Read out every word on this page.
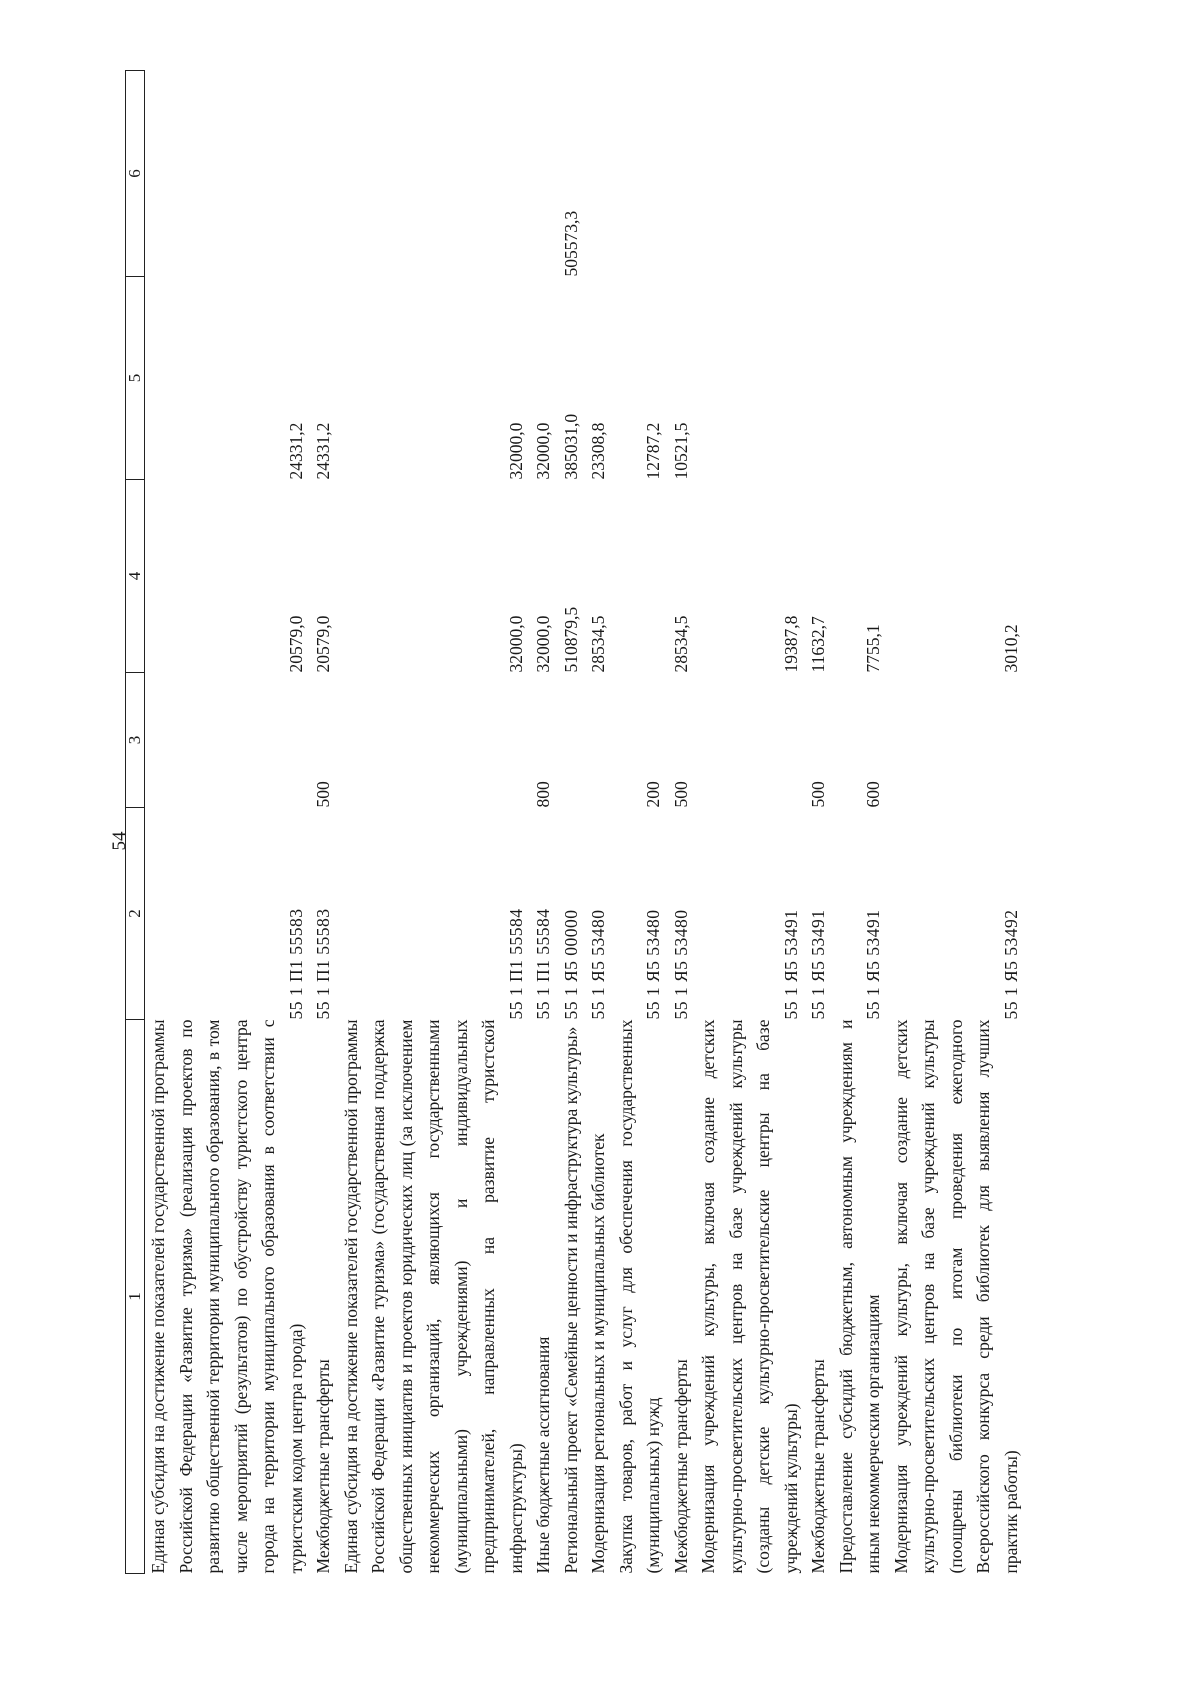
54
1	2	3	4	5	6
Единая субсидия на достижение показателей государственной программы Российской Федерации «Развитие туризма» (реализация проектов по развитию общественной территории муниципального образования, в том числе мероприятий (результатов) по обустройству туристского центра города на территории муниципального образования в соответствии с туристским кодом центра города)	55 1 П1 55583		20579,0	24331,2	
Межбюджетные трансферты	55 1 П1 55583	500	20579,0	24331,2	
Единая субсидия на достижение показателей государственной программы Российской Федерации «Развитие туризма» (государственная поддержка общественных инициатив и проектов юридических лиц (за исключением некоммерческих организаций, являющихся государственными (муниципальными) учреждениями) и индивидуальных предпринимателей, направленных на развитие туристской инфраструктуры)	55 1 П1 55584		32000,0	32000,0	
Иные бюджетные ассигнования	55 1 П1 55584	800	32000,0	32000,0	
Региональный проект «Семейные ценности и инфраструктура культуры»	55 1 Я5 00000		510879,5	385031,0	505573,3
Модернизация региональных и муниципальных библиотек	55 1 Я5 53480		28534,5	23308,8	
Закупка товаров, работ и услуг для обеспечения государственных (муниципальных) нужд	55 1 Я5 53480	200		12787,2	
Межбюджетные трансферты	55 1 Я5 53480	500	28534,5	10521,5	
Модернизация учреждений культуры, включая создание детских культурно-просветительских центров на базе учреждений культуры (созданы детские культурно-просветительские центры на базе учреждений культуры)	55 1 Я5 53491		19387,8		
Межбюджетные трансферты	55 1 Я5 53491	500	11632,7		
Предоставление субсидий бюджетным, автономным учреждениям и иным некоммерческим организациям	55 1 Я5 53491	600	7755,1		
Модернизация учреждений культуры, включая создание детских культурно-просветительских центров на базе учреждений культуры (поощрены библиотеки по итогам проведения ежегодного Всероссийского конкурса среди библиотек для выявления лучших практик работы)	55 1 Я5 53492		3010,2		
